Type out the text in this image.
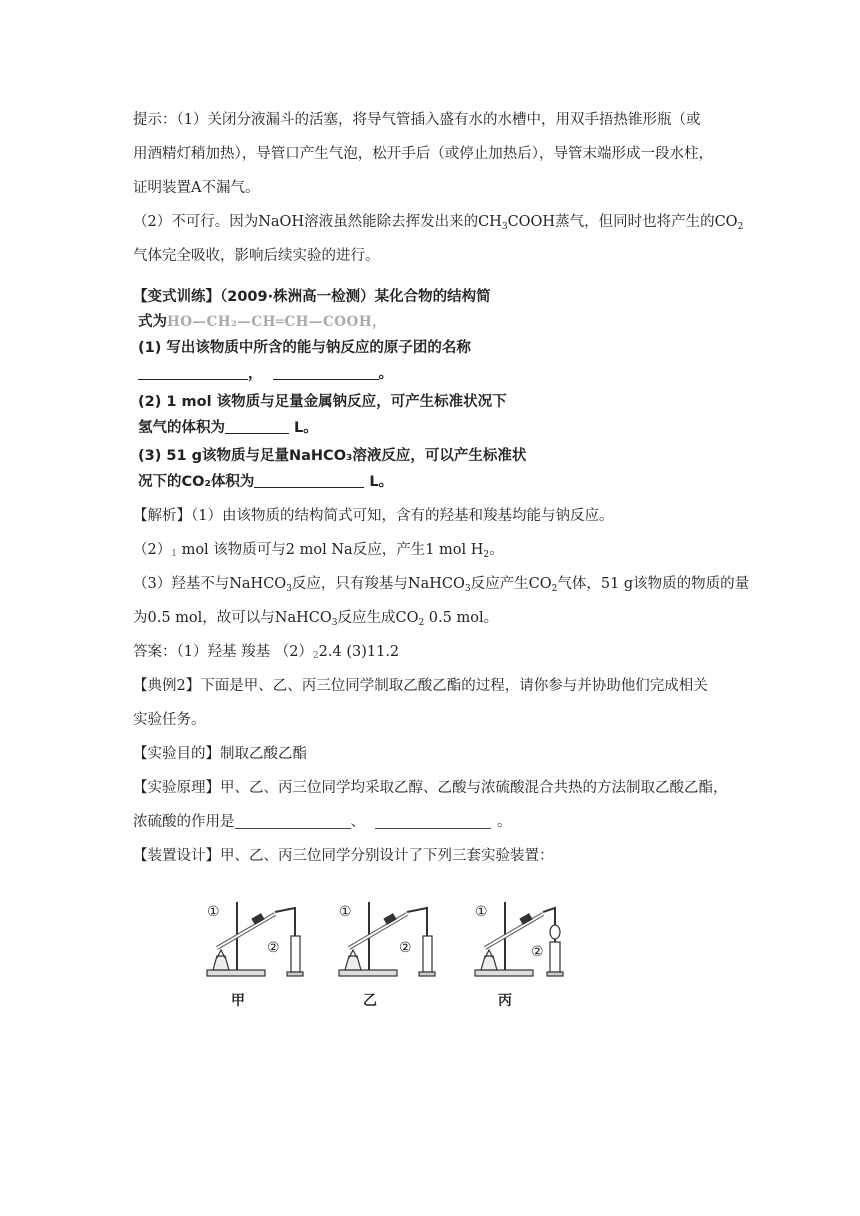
提示：（1）关闭分液漏斗的活塞，将导气管插入盛有水的水槽中，用双手捂热锥形瓶（或
用酒精灯稍加热），导管口产生气泡，松开手后（或停止加热后），导管末端形成一段水柱，
证明装置A不漏气。
（2）不可行。因为NaOH溶液虽然能除去挥发出来的$CH_3COOH$蒸气，但同时也将产生的$CO_2$
气体完全吸收，影响后续实验的进行。
【变式训练】（2009·株洲高一检测）某化合物的结构简
式为HO—CH₂—CH═CH—COOH，
(1) 写出该物质中所含的能与钠反应的原子团的名称
，	。
(2) 1 mol 该物质与足量金属钠反应，可产生标准状况下
氢气的体积为	L。
(3) 51 g该物质与足量NaHCO₃溶液反应，可以产生标准状
况下的CO₂体积为	L。
【解析】（1）由该物质的结构简式可知，含有的羟基和羧基均能与钠反应。
（2）1 mol 该物质可与2 mol Na反应，产生1 mol $H_2$。
（3）羟基不与NaHCO$_3$反应，只有羧基与NaHCO$_3$反应产生$CO_2$气体，51 g该物质的物质的量
为0.5 mol，故可以与NaHCO$_3$反应生成$CO_2$ 0.5 mol。
答案：（1）羟基 羧基 （2）22.4 (3)11.2
【典例2】下面是甲、乙、丙三位同学制取乙酸乙酯的过程，请你参与并协助他们完成相关
实验任务。
【实验目的】制取乙酸乙酯
【实验原理】甲、乙、丙三位同学均采取乙醇、乙酸与浓硫酸混合共热的方法制取乙酸乙酯，
浓硫酸的作用是	、	。
【装置设计】甲、乙、丙三位同学分别设计了下列三套实验装置：
①
②
①
②
①
②
甲	乙	丙
